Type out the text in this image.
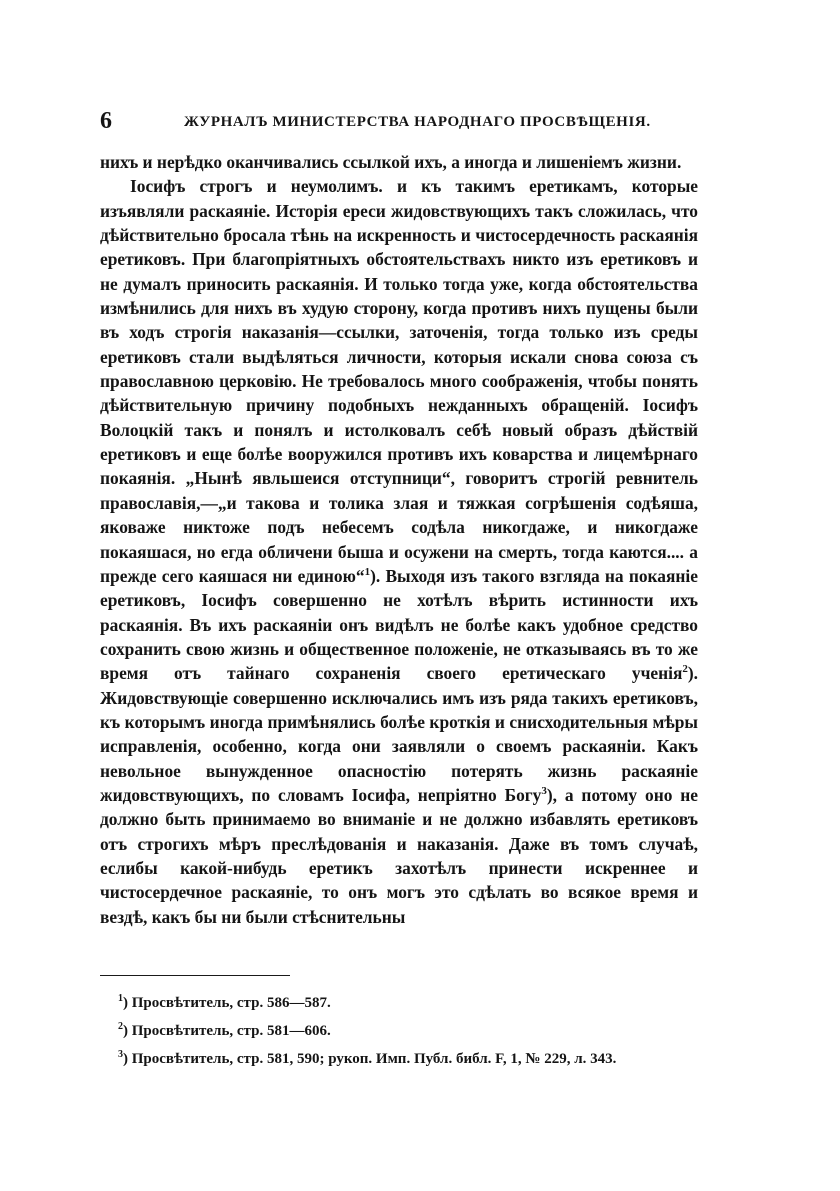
6	ЖУРНАЛЪ МИНИСТЕРСТВА НАРОДНАГО ПРОСВѢЩЕНІЯ.

нихъ и нерѣдко оканчивались ссылкой ихъ, а иногда и лишеніемъ жизни.

Іосифъ строгъ и неумолимъ. и къ такимъ еретикамъ, которые изъявляли раскаяніе. Исторія ереси жидовствующихъ такъ сложилась, что дѣйствительно бросала тѣнь на искренность и чистосердечность раскаянія еретиковъ. При благопріятныхъ обстоятельствахъ никто изъ еретиковъ и не думалъ приносить раскаянія. И только тогда уже, когда обстоятельства измѣнились для нихъ въ худую сторону, когда противъ нихъ пущены были въ ходъ строгія наказанія—ссылки, заточенія, тогда только изъ среды еретиковъ стали выдѣляться личности, которыя искали снова союза съ православною церковію. Не требовалось много соображенія, чтобы понять дѣйствительную причину подобныхъ нежданныхъ обращеній. Іосифъ Волоцкій такъ и понялъ и истолковалъ себѣ новый образъ дѣйствій еретиковъ и еще болѣе вооружился противъ ихъ коварства и лицемѣрнаго покаянія. „Нынѣ явльшеися отступници“, говоритъ строгій ревнитель православія,—„и такова и толика злая и тяжкая согрѣшенія содѣяша, яковаже никтоже подъ небесемъ содѣла никогдаже, и никогдаже покаяшася, но егда обличени быша и осужени на смерть, тогда каются.... а прежде сего каяшася ни единою“$^1$). Выходя изъ такого взгляда на покаяніе еретиковъ, Іосифъ совершенно не хотѣлъ вѣрить истинности ихъ раскаянія. Въ ихъ раскаяніи онъ видѣлъ не болѣе какъ удобное средство сохранить свою жизнь и общественное положеніе, не отказываясь въ то же время отъ тайнаго сохраненія своего еретическаго ученія$^2$). Жидовствующіе совершенно исключались имъ изъ ряда такихъ еретиковъ, къ которымъ иногда примѣнялись болѣе кроткія и снисходительныя мѣры исправленія, особенно, когда они заявляли о своемъ раскаяніи. Какъ невольное вынужденное опасностію потерять жизнь раскаяніе жидовствующихъ, по словамъ Іосифа, непріятно Богу$^3$), а потому оно не должно быть принимаемо во вниманіе и не должно избавлять еретиковъ отъ строгихъ мѣръ преслѣдованія и наказанія. Даже въ томъ случаѣ, еслибы какой-нибудь еретикъ захотѣлъ принести искреннее и чистосердечное раскаяніе, то онъ могъ это сдѣлать во всякое время и вездѣ, какъ бы ни были стѣснительны

$^1$) Просвѣтитель, стр. 586—587.

$^2$) Просвѣтитель, стр. 581—606.

$^3$) Просвѣтитель, стр. 581, 590; рукоп. Имп. Публ. библ. F, 1, № 229, л. 343.
